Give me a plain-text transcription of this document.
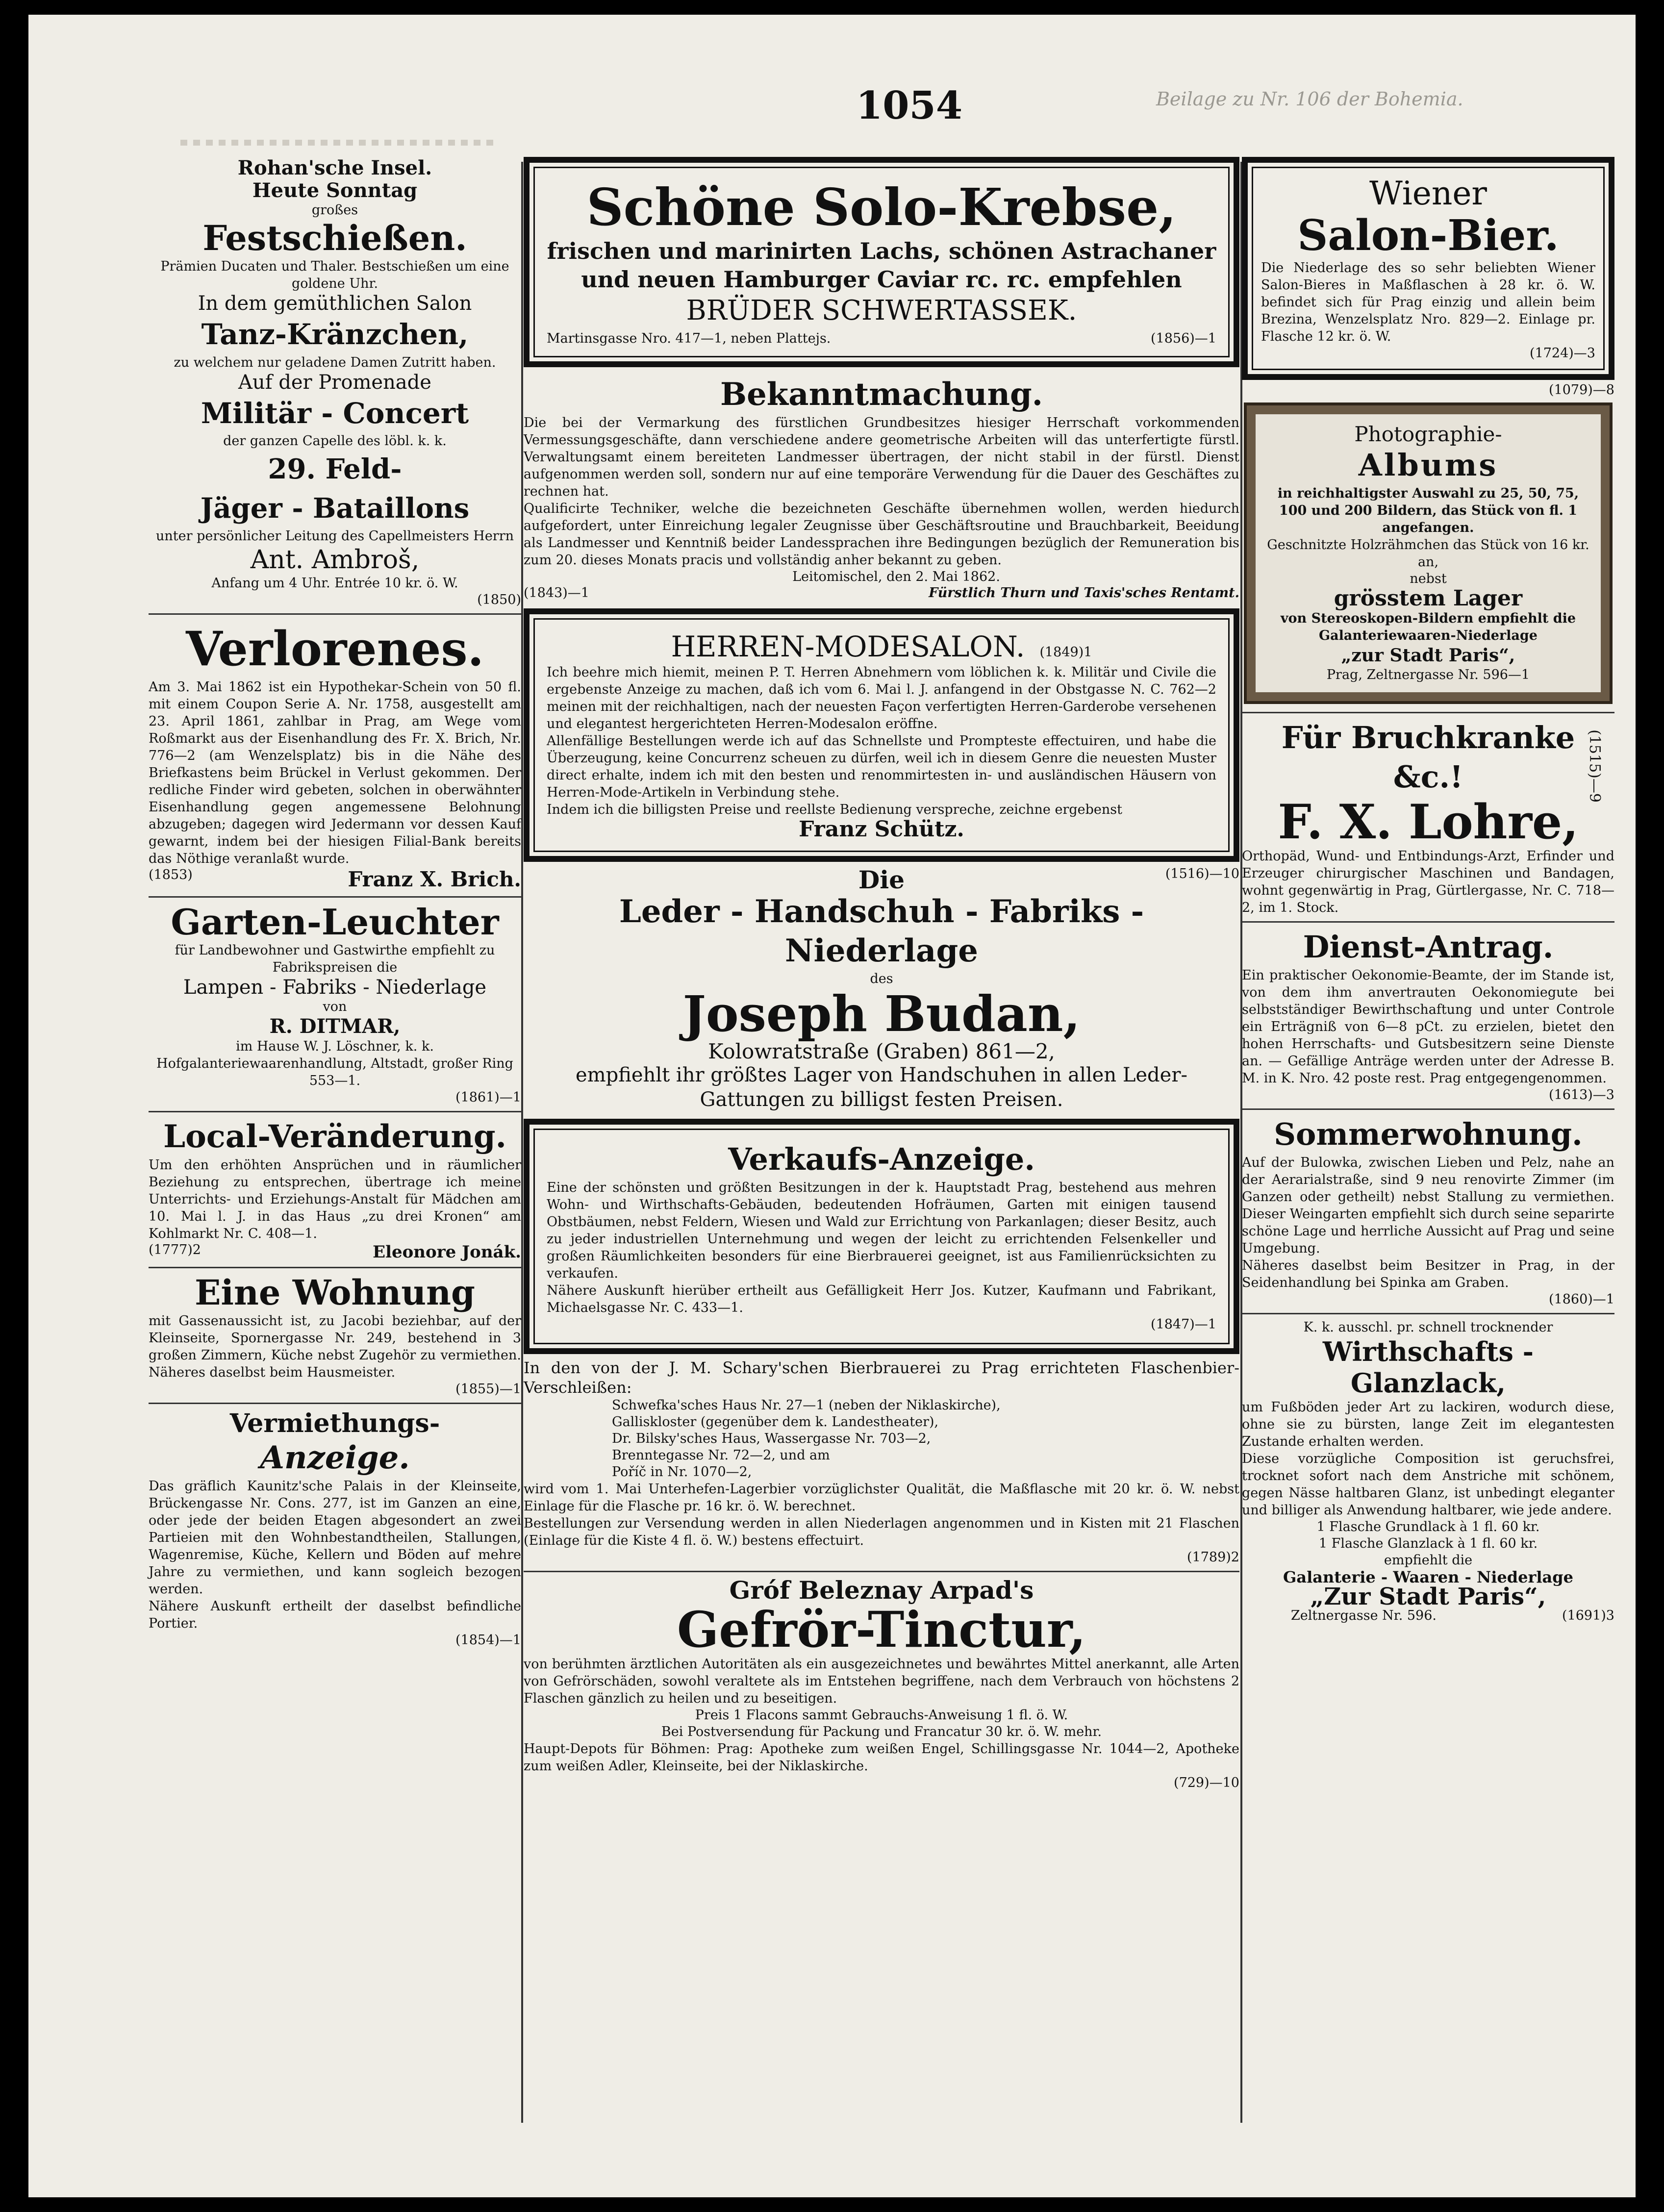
1054	Beilage zu Nr. 106 der Bohemia.
Rohan'sche Insel.
Heute Sonntag
großes
Festschießen.
Prämien Ducaten und Thaler. Bestschießen um eine goldene Uhr.
In dem gemüthlichen Salon
Tanz-Kränzchen,
zu welchem nur geladene Damen Zutritt haben.
Auf der Promenade
Militär - Concert
der ganzen Capelle des löbl. k. k.
29. Feld-
Jäger - Bataillons
unter persönlicher Leitung des Capellmeisters Herrn
Ant. Ambroš,
Anfang um 4 Uhr. Entrée 10 kr. ö. W.
(1850)
Verlorenes.
Am 3. Mai 1862 ist ein Hypothekar-Schein von 50 fl. mit einem Coupon Serie A. Nr. 1758, ausgestellt am 23. April 1861, zahlbar in Prag, am Wege vom Roßmarkt aus der Eisenhandlung des Fr. X. Brich, Nr. 776—2 (am Wenzelsplatz) bis in die Nähe des Briefkastens beim Brückel in Verlust gekommen. Der redliche Finder wird gebeten, solchen in oberwähnter Eisenhandlung gegen angemessene Belohnung abzugeben; dagegen wird Jedermann vor dessen Kauf gewarnt, indem bei der hiesigen Filial-Bank bereits das Nöthige veranlaßt wurde.
(1853)	Franz X. Brich.
Garten-Leuchter
für Landbewohner und Gastwirthe empfiehlt zu Fabrikspreisen die
Lampen - Fabriks - Niederlage
von
R. DITMAR,
im Hause W. J. Löschner, k. k. Hofgalanteriewaarenhandlung, Altstadt, großer Ring 553—1.
(1861)—1
Local-Veränderung.
Um den erhöhten Ansprüchen und in räumlicher Beziehung zu entsprechen, übertrage ich meine Unterrichts- und Erziehungs-Anstalt für Mädchen am 10. Mai l. J. in das Haus „zu drei Kronen“ am Kohlmarkt Nr. C. 408—1.
(1777)2	Eleonore Jonák.
Eine Wohnung
mit Gassenaussicht ist, zu Jacobi beziehbar, auf der Kleinseite, Spornergasse Nr. 249, bestehend in 3 großen Zimmern, Küche nebst Zugehör zu vermiethen. Näheres daselbst beim Hausmeister.
(1855)—1
Vermiethungs-
Anzeige.
Das gräflich Kaunitz'sche Palais in der Kleinseite, Brückengasse Nr. Cons. 277, ist im Ganzen an eine, oder jede der beiden Etagen abgesondert an zwei Partieien mit den Wohnbestandtheilen, Stallungen, Wagenremise, Küche, Kellern und Böden auf mehre Jahre zu vermiethen, und kann sogleich bezogen werden.
Nähere Auskunft ertheilt der daselbst befindliche Portier.
(1854)—1
Schöne Solo-Krebse,
frischen und marinirten Lachs, schönen Astrachaner und neuen Hamburger Caviar rc. rc. empfehlen
BRÜDER SCHWERTASSEK.
Martinsgasse Nro. 417—1, neben Plattejs.	(1856)—1
Bekanntmachung.
Die bei der Vermarkung des fürstlichen Grundbesitzes hiesiger Herrschaft vorkommenden Vermessungsgeschäfte, dann verschiedene andere geometrische Arbeiten will das unterfertigte fürstl. Verwaltungsamt einem bereiteten Landmesser übertragen, der nicht stabil in der fürstl. Dienst aufgenommen werden soll, sondern nur auf eine temporäre Verwendung für die Dauer des Geschäftes zu rechnen hat.
Qualificirte Techniker, welche die bezeichneten Geschäfte übernehmen wollen, werden hiedurch aufgefordert, unter Einreichung legaler Zeugnisse über Geschäftsroutine und Brauchbarkeit, Beeidung als Landmesser und Kenntniß beider Landessprachen ihre Bedingungen bezüglich der Remuneration bis zum 20. dieses Monats pracis und vollständig anher bekannt zu geben.
Leitomischel, den 2. Mai 1862.
(1843)—1	Fürstlich Thurn und Taxis'sches Rentamt.
HERREN-MODESALON. (1849)1
Ich beehre mich hiemit, meinen P. T. Herren Abnehmern vom löblichen k. k. Militär und Civile die ergebenste Anzeige zu machen, daß ich vom 6. Mai l. J. anfangend in der Obstgasse N. C. 762—2 meinen mit der reichhaltigen, nach der neuesten Façon verfertigten Herren-Garderobe versehenen und elegantest hergerichteten Herren-Modesalon eröffne.
Allenfällige Bestellungen werde ich auf das Schnellste und Prompteste effectuiren, und habe die Überzeugung, keine Concurrenz scheuen zu dürfen, weil ich in diesem Genre die neuesten Muster direct erhalte, indem ich mit den besten und renommirtesten in- und ausländischen Häusern von Herren-Mode-Artikeln in Verbindung stehe.
Indem ich die billigsten Preise und reellste Bedienung verspreche, zeichne ergebenst
Franz Schütz.
(1516)—10
Die
Leder - Handschuh - Fabriks - Niederlage
des
Joseph Budan,
Kolowratstraße (Graben) 861—2,
empfiehlt ihr größtes Lager von Handschuhen in allen Leder-Gattungen zu billigst festen Preisen.
Verkaufs-Anzeige.
Eine der schönsten und größten Besitzungen in der k. Hauptstadt Prag, bestehend aus mehren Wohn- und Wirthschafts-Gebäuden, bedeutenden Hofräumen, Garten mit einigen tausend Obstbäumen, nebst Feldern, Wiesen und Wald zur Errichtung von Parkanlagen; dieser Besitz, auch zu jeder industriellen Unternehmung und wegen der leicht zu errichtenden Felsenkeller und großen Räumlichkeiten besonders für eine Bierbrauerei geeignet, ist aus Familienrücksichten zu verkaufen.
Nähere Auskunft hierüber ertheilt aus Gefälligkeit Herr Jos. Kutzer, Kaufmann und Fabrikant, Michaelsgasse Nr. C. 433—1.
(1847)—1
In den von der J. M. Schary'schen Bierbrauerei zu Prag errichteten Flaschenbier-Verschleißen:
Schwefka'sches Haus Nr. 27—1 (neben der Niklaskirche),
Galliskloster (gegenüber dem k. Landestheater),
Dr. Bilsky'sches Haus, Wassergasse Nr. 703—2,
Brenntegasse Nr. 72—2, und am
Poříč in Nr. 1070—2,
wird vom 1. Mai Unterhefen-Lagerbier vorzüglichster Qualität, die Maßflasche mit 20 kr. ö. W. nebst Einlage für die Flasche pr. 16 kr. ö. W. berechnet.
Bestellungen zur Versendung werden in allen Niederlagen angenommen und in Kisten mit 21 Flaschen (Einlage für die Kiste 4 fl. ö. W.) bestens effectuirt.
(1789)2
Gróf Beleznay Arpad's
Gefrör-Tinctur,
von berühmten ärztlichen Autoritäten als ein ausgezeichnetes und bewährtes Mittel anerkannt, alle Arten von Gefrörschäden, sowohl veraltete als im Entstehen begriffene, nach dem Verbrauch von höchstens 2 Flaschen gänzlich zu heilen und zu beseitigen.
Preis 1 Flacons sammt Gebrauchs-Anweisung 1 fl. ö. W.
Bei Postversendung für Packung und Francatur 30 kr. ö. W. mehr.
Haupt-Depots für Böhmen: Prag: Apotheke zum weißen Engel, Schillingsgasse Nr. 1044—2, Apotheke zum weißen Adler, Kleinseite, bei der Niklaskirche.
(729)—10
Wiener
Salon-Bier.
Die Niederlage des so sehr beliebten Wiener Salon-Bieres in Maßflaschen à 28 kr. ö. W. befindet sich für Prag einzig und allein beim Brezina, Wenzelsplatz Nro. 829—2. Einlage pr. Flasche 12 kr. ö. W.
(1724)—3
(1079)—8
Photographie-
Albums
in reichhaltigster Auswahl zu 25, 50, 75, 100 und 200 Bildern, das Stück von fl. 1 angefangen.
Geschnitzte Holzrähmchen das Stück von 16 kr. an,
nebst
grösstem Lager
von Stereoskopen-Bildern empfiehlt die Galanteriewaaren-Niederlage
„zur Stadt Paris“,
Prag, Zeltnergasse Nr. 596—1
Für Bruchkranke &c.!
F. X. Lohre,
Orthopäd, Wund- und Entbindungs-Arzt, Erfinder und Erzeuger chirurgischer Maschinen und Bandagen, wohnt gegenwärtig in Prag, Gürtlergasse, Nr. C. 718—2, im 1. Stock.
(1515)—9
Dienst-Antrag.
Ein praktischer Oekonomie-Beamte, der im Stande ist, von dem ihm anvertrauten Oekonomiegute bei selbstständiger Bewirthschaftung und unter Controle ein Erträgniß von 6—8 pCt. zu erzielen, bietet den hohen Herrschafts- und Gutsbesitzern seine Dienste an. — Gefällige Anträge werden unter der Adresse B. M. in K. Nro. 42 poste rest. Prag entgegengenommen.
(1613)—3
Sommerwohnung.
Auf der Bulowka, zwischen Lieben und Pelz, nahe an der Aerarialstraße, sind 9 neu renovirte Zimmer (im Ganzen oder getheilt) nebst Stallung zu vermiethen. Dieser Weingarten empfiehlt sich durch seine separirte schöne Lage und herrliche Aussicht auf Prag und seine Umgebung.
Näheres daselbst beim Besitzer in Prag, in der Seidenhandlung bei Spinka am Graben.
(1860)—1
K. k. ausschl. pr. schnell trocknender
Wirthschafts - Glanzlack,
um Fußböden jeder Art zu lackiren, wodurch diese, ohne sie zu bürsten, lange Zeit im elegantesten Zustande erhalten werden.
Diese vorzügliche Composition ist geruchsfrei, trocknet sofort nach dem Anstriche mit schönem, gegen Nässe haltbaren Glanz, ist unbedingt eleganter und billiger als Anwendung haltbarer, wie jede andere.
1 Flasche Grundlack à 1 fl. 60 kr.
1 Flasche Glanzlack à 1 fl. 60 kr.
empfiehlt die
Galanterie - Waaren - Niederlage
„Zur Stadt Paris“,
Zeltnergasse Nr. 596.	(1691)3
